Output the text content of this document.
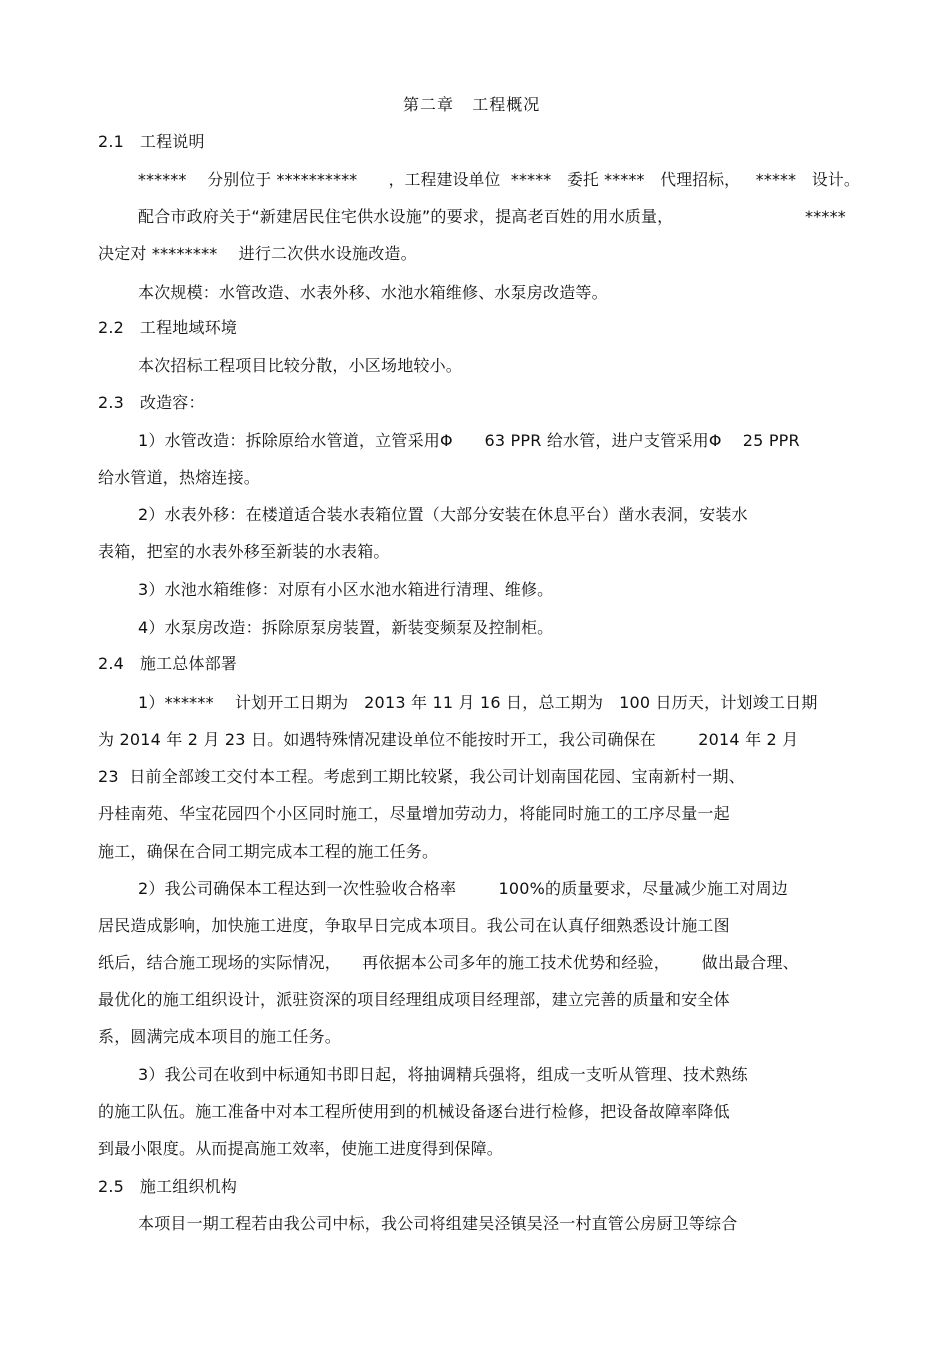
第二章   工程概况
2.1   工程说明
******    分别位于 **********      ，工程建设单位  *****   委托 *****   代理招标，   *****   设计。
配合市政府关于“新建居民住宅供水设施”的要求，提高老百姓的用水质量，	*****
决定对 ********    进行二次供水设施改造。
本次规模：水管改造、水表外移、水池水箱维修、水泵房改造等。
2.2   工程地域环境
本次招标工程项目比较分散，小区场地较小。
2.3   改造容：
1）水管改造：拆除原给水管道，立管采用Φ      63 PPR 给水管，进户支管采用Φ    25 PPR
给水管道，热熔连接。
2）水表外移：在楼道适合装水表箱位置（大部分安装在休息平台）凿水表洞，安装水
表箱，把室的水表外移至新装的水表箱。
3）水池水箱维修：对原有小区水池水箱进行清理、维修。
4）水泵房改造：拆除原泵房装置，新装变频泵及控制柜。
2.4   施工总体部署
1）******    计划开工日期为   2013 年 11 月 16 日，总工期为   100 日历天，计划竣工日期
为 2014 年 2 月 23 日。如遇特殊情况建设单位不能按时开工，我公司确保在        2014 年 2 月
23  日前全部竣工交付本工程。考虑到工期比较紧，我公司计划南国花园、宝南新村一期、
丹桂南苑、华宝花园四个小区同时施工，尽量增加劳动力，将能同时施工的工序尽量一起
施工，确保在合同工期完成本工程的施工任务。
2）我公司确保本工程达到一次性验收合格率        100%的质量要求，尽量减少施工对周边
居民造成影响，加快施工进度，争取早日完成本项目。我公司在认真仔细熟悉设计施工图
纸后，结合施工现场的实际情况，    再依据本公司多年的施工技术优势和经验，      做出最合理、
最优化的施工组织设计，派驻资深的项目经理组成项目经理部，建立完善的质量和安全体
系，圆满完成本项目的施工任务。
3）我公司在收到中标通知书即日起，将抽调精兵强将，组成一支听从管理、技术熟练
的施工队伍。施工准备中对本工程所使用到的机械设备逐台进行检修，把设备故障率降低
到最小限度。从而提高施工效率，使施工进度得到保障。
2.5   施工组织机构
本项目一期工程若由我公司中标，我公司将组建吴泾镇吴泾一村直管公房厨卫等综合
